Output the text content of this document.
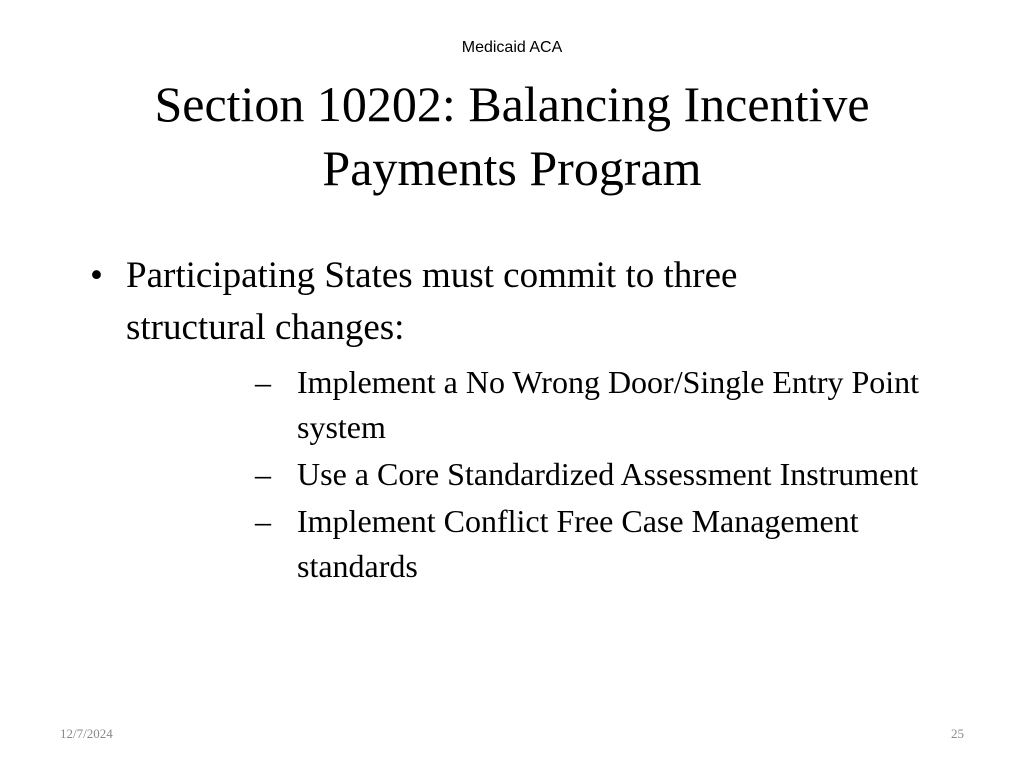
Medicaid ACA
Section 10202: Balancing Incentive
Payments Program
• Participating States must commit to three
structural changes:
– Implement a No Wrong Door/Single Entry Point
system
– Use a Core Standardized Assessment Instrument
– Implement Conflict Free Case Management
standards
12/7/2024	25
